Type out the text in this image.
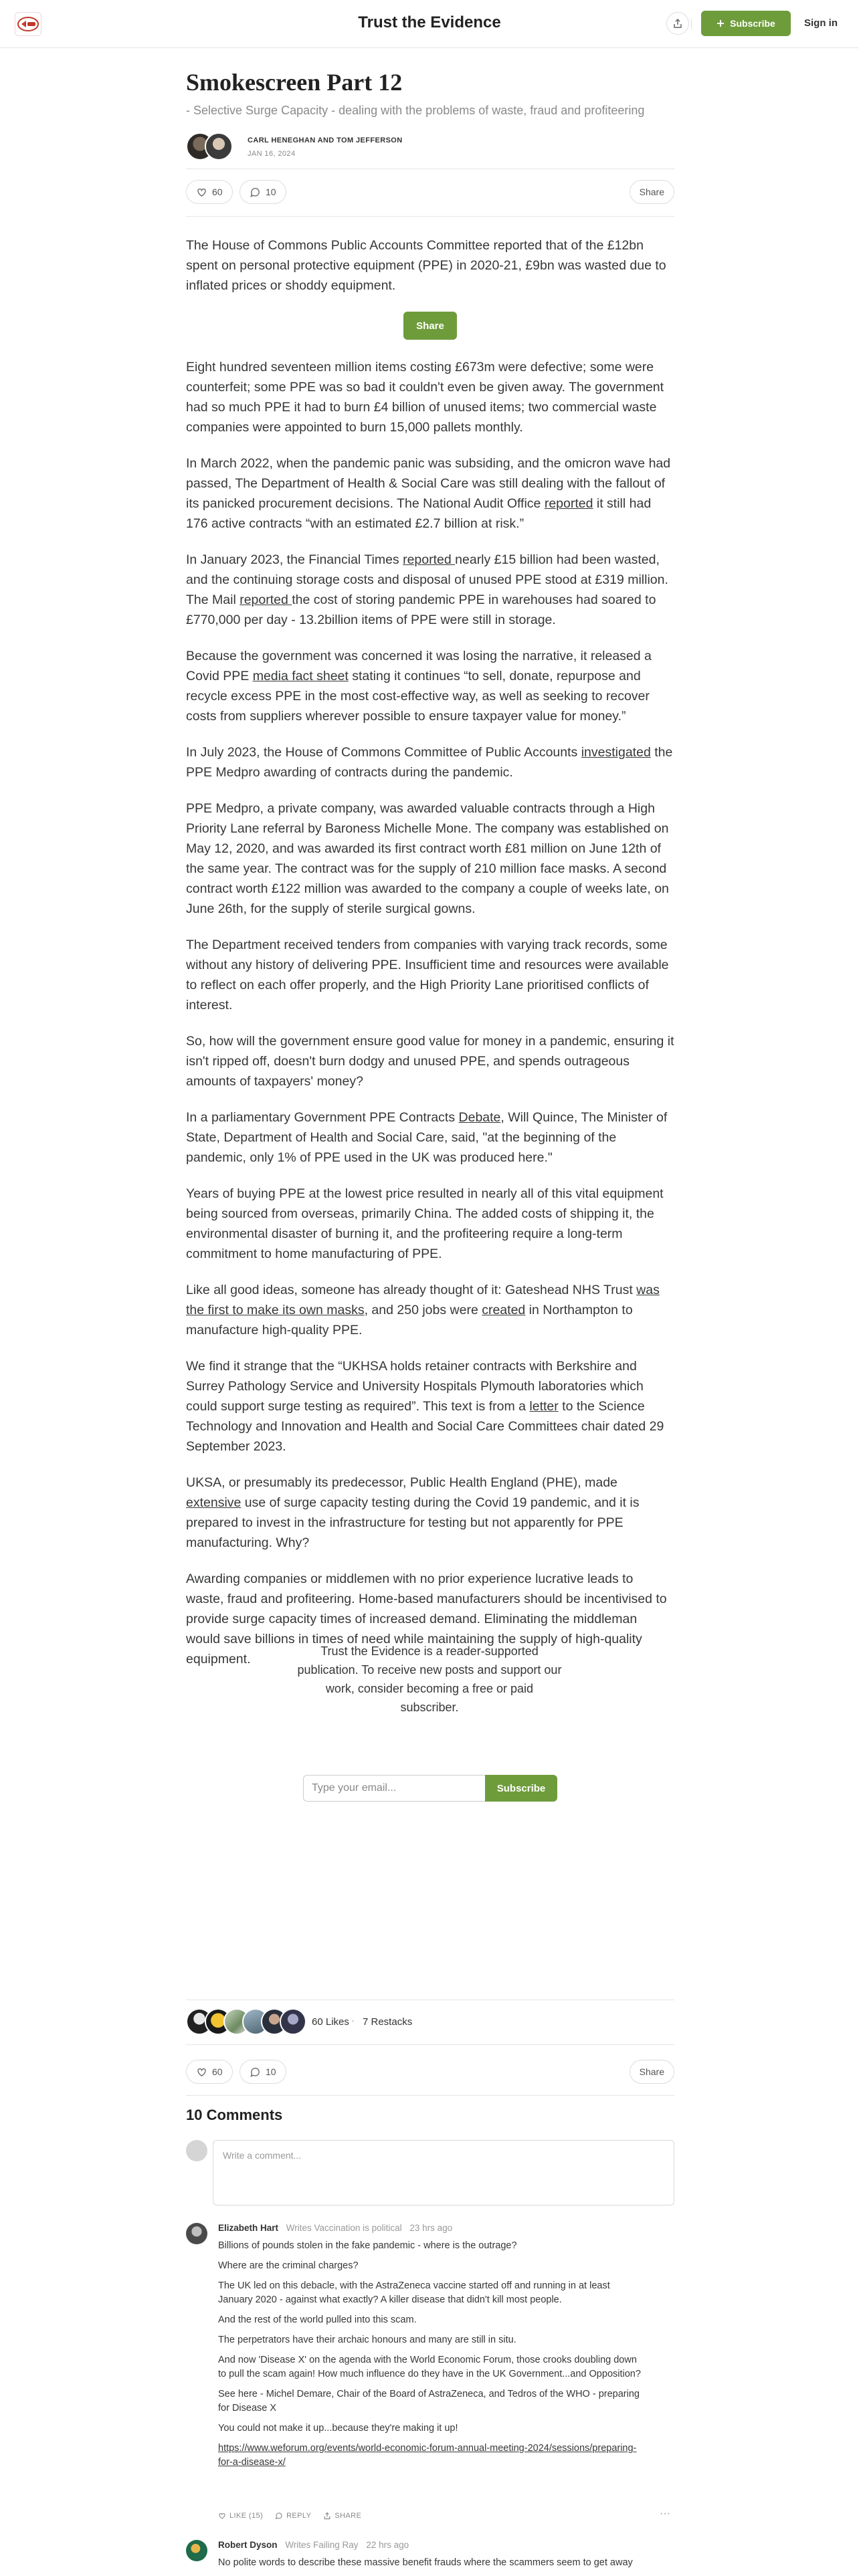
Trust the Evidence	Subscribe	Sign in
Smokescreen Part 12
- Selective Surge Capacity - dealing with the problems of waste, fraud and profiteering
CARL HENEGHAN AND TOM JEFFERSON
JAN 16, 2024
60	10	Share

The House of Commons Public Accounts Committee reported that of the £12bn spent on personal protective equipment (PPE) in 2020-21, £9bn was wasted due to inflated prices or shoddy equipment.

Share

Eight hundred seventeen million items costing £673m were defective; some were counterfeit; some PPE was so bad it couldn't even be given away. The government had so much PPE it had to burn £4 billion of unused items; two commercial waste companies were appointed to burn 15,000 pallets monthly.

In March 2022, when the pandemic panic was subsiding, and the omicron wave had passed, The Department of Health & Social Care was still dealing with the fallout of its panicked procurement decisions. The National Audit Office reported it still had 176 active contracts “with an estimated £2.7 billion at risk.”

In January 2023, the Financial Times reported nearly £15 billion had been wasted, and the continuing storage costs and disposal of unused PPE stood at £319 million. The Mail reported the cost of storing pandemic PPE in warehouses had soared to £770,000 per day - 13.2billion items of PPE were still in storage.

Because the government was concerned it was losing the narrative, it released a Covid PPE media fact sheet stating it continues “to sell, donate, repurpose and recycle excess PPE in the most cost-effective way, as well as seeking to recover costs from suppliers wherever possible to ensure taxpayer value for money.”

In July 2023, the House of Commons Committee of Public Accounts investigated the PPE Medpro awarding of contracts during the pandemic.

PPE Medpro, a private company, was awarded valuable contracts through a High Priority Lane referral by Baroness Michelle Mone. The company was established on May 12, 2020, and was awarded its first contract worth £81 million on June 12th of the same year. The contract was for the supply of 210 million face masks. A second contract worth £122 million was awarded to the company a couple of weeks late, on June 26th, for the supply of sterile surgical gowns.

The Department received tenders from companies with varying track records, some without any history of delivering PPE. Insufficient time and resources were available to reflect on each offer properly, and the High Priority Lane prioritised conflicts of interest.

So, how will the government ensure good value for money in a pandemic, ensuring it isn't ripped off, doesn't burn dodgy and unused PPE, and spends outrageous amounts of taxpayers' money?

In a parliamentary Government PPE Contracts Debate, Will Quince, The Minister of State, Department of Health and Social Care, said, "at the beginning of the pandemic, only 1% of PPE used in the UK was produced here."

Years of buying PPE at the lowest price resulted in nearly all of this vital equipment being sourced from overseas, primarily China. The added costs of shipping it, the environmental disaster of burning it, and the profiteering require a long-term commitment to home manufacturing of PPE.

Like all good ideas, someone has already thought of it: Gateshead NHS Trust was the first to make its own masks, and 250 jobs were created in Northampton to manufacture high-quality PPE.

We find it strange that the “UKHSA holds retainer contracts with Berkshire and Surrey Pathology Service and University Hospitals Plymouth laboratories which could support surge testing as required”. This text is from a letter to the Science Technology and Innovation and Health and Social Care Committees chair dated 29 September 2023.

UKSA, or presumably its predecessor, Public Health England (PHE), made extensive use of surge capacity testing during the Covid 19 pandemic, and it is prepared to invest in the infrastructure for testing but not apparently for PPE manufacturing. Why?

Awarding companies or middlemen with no prior experience lucrative leads to waste, fraud and profiteering. Home-based manufacturers should be incentivised to provide surge capacity times of increased demand. Eliminating the middleman would save billions in times of need while maintaining the supply of high-quality equipment.

Trust the Evidence is a reader-supported publication. To receive new posts and support our work, consider becoming a free or paid subscriber.
Type your email...
Subscribe
60 Likes · 7 Restacks
60	10	Share
10 Comments
Write a comment...
Elizabeth Hart Writes Vaccination is political 23 hrs ago

Billions of pounds stolen in the fake pandemic - where is the outrage?

Where are the criminal charges?

The UK led on this debacle, with the AstraZeneca vaccine started off and running in at least January 2020 - against what exactly? A killer disease that didn't kill most people.

And the rest of the world pulled into this scam.

The perpetrators have their archaic honours and many are still in situ.

And now 'Disease X' on the agenda with the World Economic Forum, those crooks doubling down to pull the scam again! How much influence do they have in the UK Government...and Opposition?

See here - Michel Demare, Chair of the Board of AstraZeneca, and Tedros of the WHO - preparing for Disease X

You could not make it up...because they're making it up!

https://www.weforum.org/events/world-economic-forum-annual-meeting-2024/sessions/preparing-for-a-disease-x/

LIKE (15)	REPLY	SHARE	···
Robert Dyson Writes Failing Ray 22 hrs ago

No polite words to describe these massive benefit frauds where the scammers seem to get away
